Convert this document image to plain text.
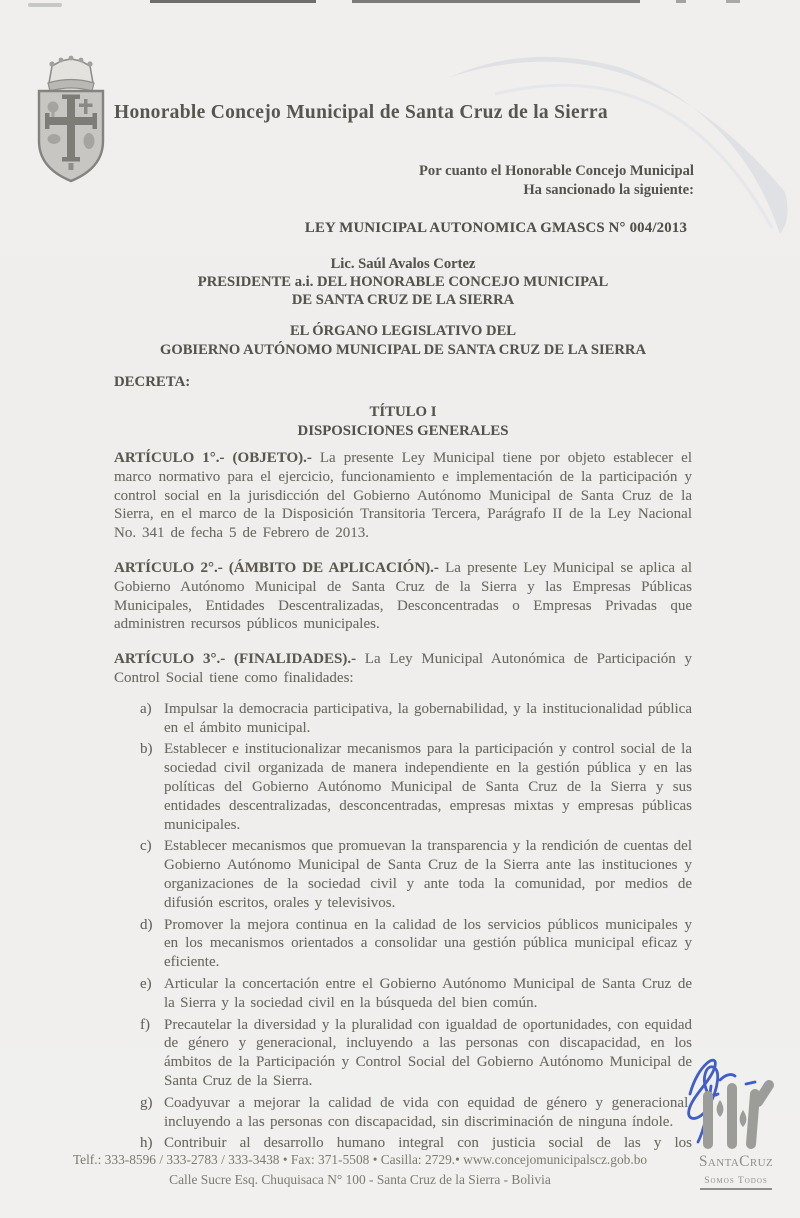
Honorable Concejo Municipal de Santa Cruz de la Sierra
Por cuanto el Honorable Concejo Municipal
Ha sancionado la siguiente:
LEY MUNICIPAL AUTONOMICA GMASCS N° 004/2013
Lic. Saúl Avalos Cortez
PRESIDENTE a.i. DEL HONORABLE CONCEJO MUNICIPAL
DE SANTA CRUZ DE LA SIERRA
EL ÓRGANO LEGISLATIVO DEL
GOBIERNO AUTÓNOMO MUNICIPAL DE SANTA CRUZ DE LA SIERRA
DECRETA:
TÍTULO I
DISPOSICIONES GENERALES

ARTÍCULO 1°.- (OBJETO).- La presente Ley Municipal tiene por objeto establecer el marco normativo para el ejercicio, funcionamiento e implementación de la participación y control social en la jurisdicción del Gobierno Autónomo Municipal de Santa Cruz de la Sierra, en el marco de la Disposición Transitoria Tercera, Parágrafo II de la Ley Nacional No. 341 de fecha 5 de Febrero de 2013.

ARTÍCULO 2°.- (ÁMBITO DE APLICACIÓN).- La presente Ley Municipal se aplica al Gobierno Autónomo Municipal de Santa Cruz de la Sierra y las Empresas Públicas Municipales, Entidades Descentralizadas, Desconcentradas o Empresas Privadas que administren recursos públicos municipales.

ARTÍCULO 3°.- (FINALIDADES).- La Ley Municipal Autonómica de Participación y Control Social tiene como finalidades:

a) Impulsar la democracia participativa, la gobernabilidad, y la institucionalidad pública en el ámbito municipal.
b) Establecer e institucionalizar mecanismos para la participación y control social de la sociedad civil organizada de manera independiente en la gestión pública y en las políticas del Gobierno Autónomo Municipal de Santa Cruz de la Sierra y sus entidades descentralizadas, desconcentradas, empresas mixtas y empresas públicas municipales.
c) Establecer mecanismos que promuevan la transparencia y la rendición de cuentas del Gobierno Autónomo Municipal de Santa Cruz de la Sierra ante las instituciones y organizaciones de la sociedad civil y ante toda la comunidad, por medios de difusión escritos, orales y televisivos.
d) Promover la mejora continua en la calidad de los servicios públicos municipales y en los mecanismos orientados a consolidar una gestión pública municipal eficaz y eficiente.
e) Articular la concertación entre el Gobierno Autónomo Municipal de Santa Cruz de la Sierra y la sociedad civil en la búsqueda del bien común.
f) Precautelar la diversidad y la pluralidad con igualdad de oportunidades, con equidad de género y generacional, incluyendo a las personas con discapacidad, en los ámbitos de la Participación y Control Social del Gobierno Autónomo Municipal de Santa Cruz de la Sierra.
g) Coadyuvar a mejorar la calidad de vida con equidad de género y generacional, incluyendo a las personas con discapacidad, sin discriminación de ninguna índole.
h) Contribuir al desarrollo humano integral con justicia social de las y los
SantaCruz
Somos Todos
Telf.: 333-8596 / 333-2783 / 333-3438 • Fax: 371-5508 • Casilla: 2729.• www.concejomunicipalscz.gob.bo
Calle Sucre Esq. Chuquisaca N° 100 - Santa Cruz de la Sierra - Bolivia
